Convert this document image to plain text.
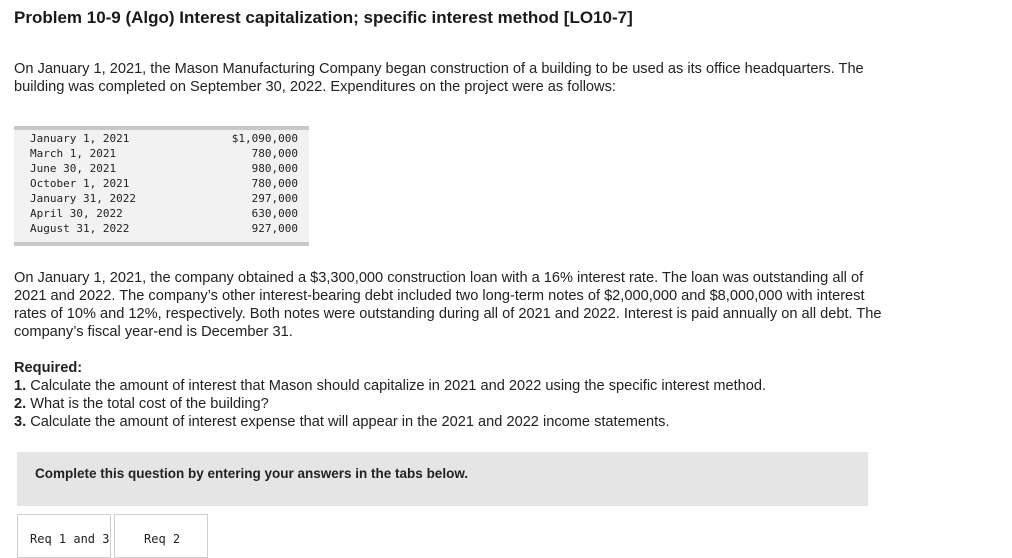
Problem 10-9 (Algo) Interest capitalization; specific interest method [LO10-7]
On January 1, 2021, the Mason Manufacturing Company began construction of a building to be used as its office headquarters. The
building was completed on September 30, 2022. Expenditures on the project were as follows:
January 1, 2021	$1,090,000
March 1, 2021	780,000
June 30, 2021	980,000
October 1, 2021	780,000
January 31, 2022	297,000
April 30, 2022	630,000
August 31, 2022	927,000
On January 1, 2021, the company obtained a $3,300,000 construction loan with a 16% interest rate. The loan was outstanding all of
2021 and 2022. The company’s other interest-bearing debt included two long-term notes of $2,000,000 and $8,000,000 with interest
rates of 10% and 12%, respectively. Both notes were outstanding during all of 2021 and 2022. Interest is paid annually on all debt. The
company’s fiscal year-end is December 31.
Required:
1. Calculate the amount of interest that Mason should capitalize in 2021 and 2022 using the specific interest method.
2. What is the total cost of the building?
3. Calculate the amount of interest expense that will appear in the 2021 and 2022 income statements.
Complete this question by entering your answers in the tabs below.
Req 1 and 3	Req 2
